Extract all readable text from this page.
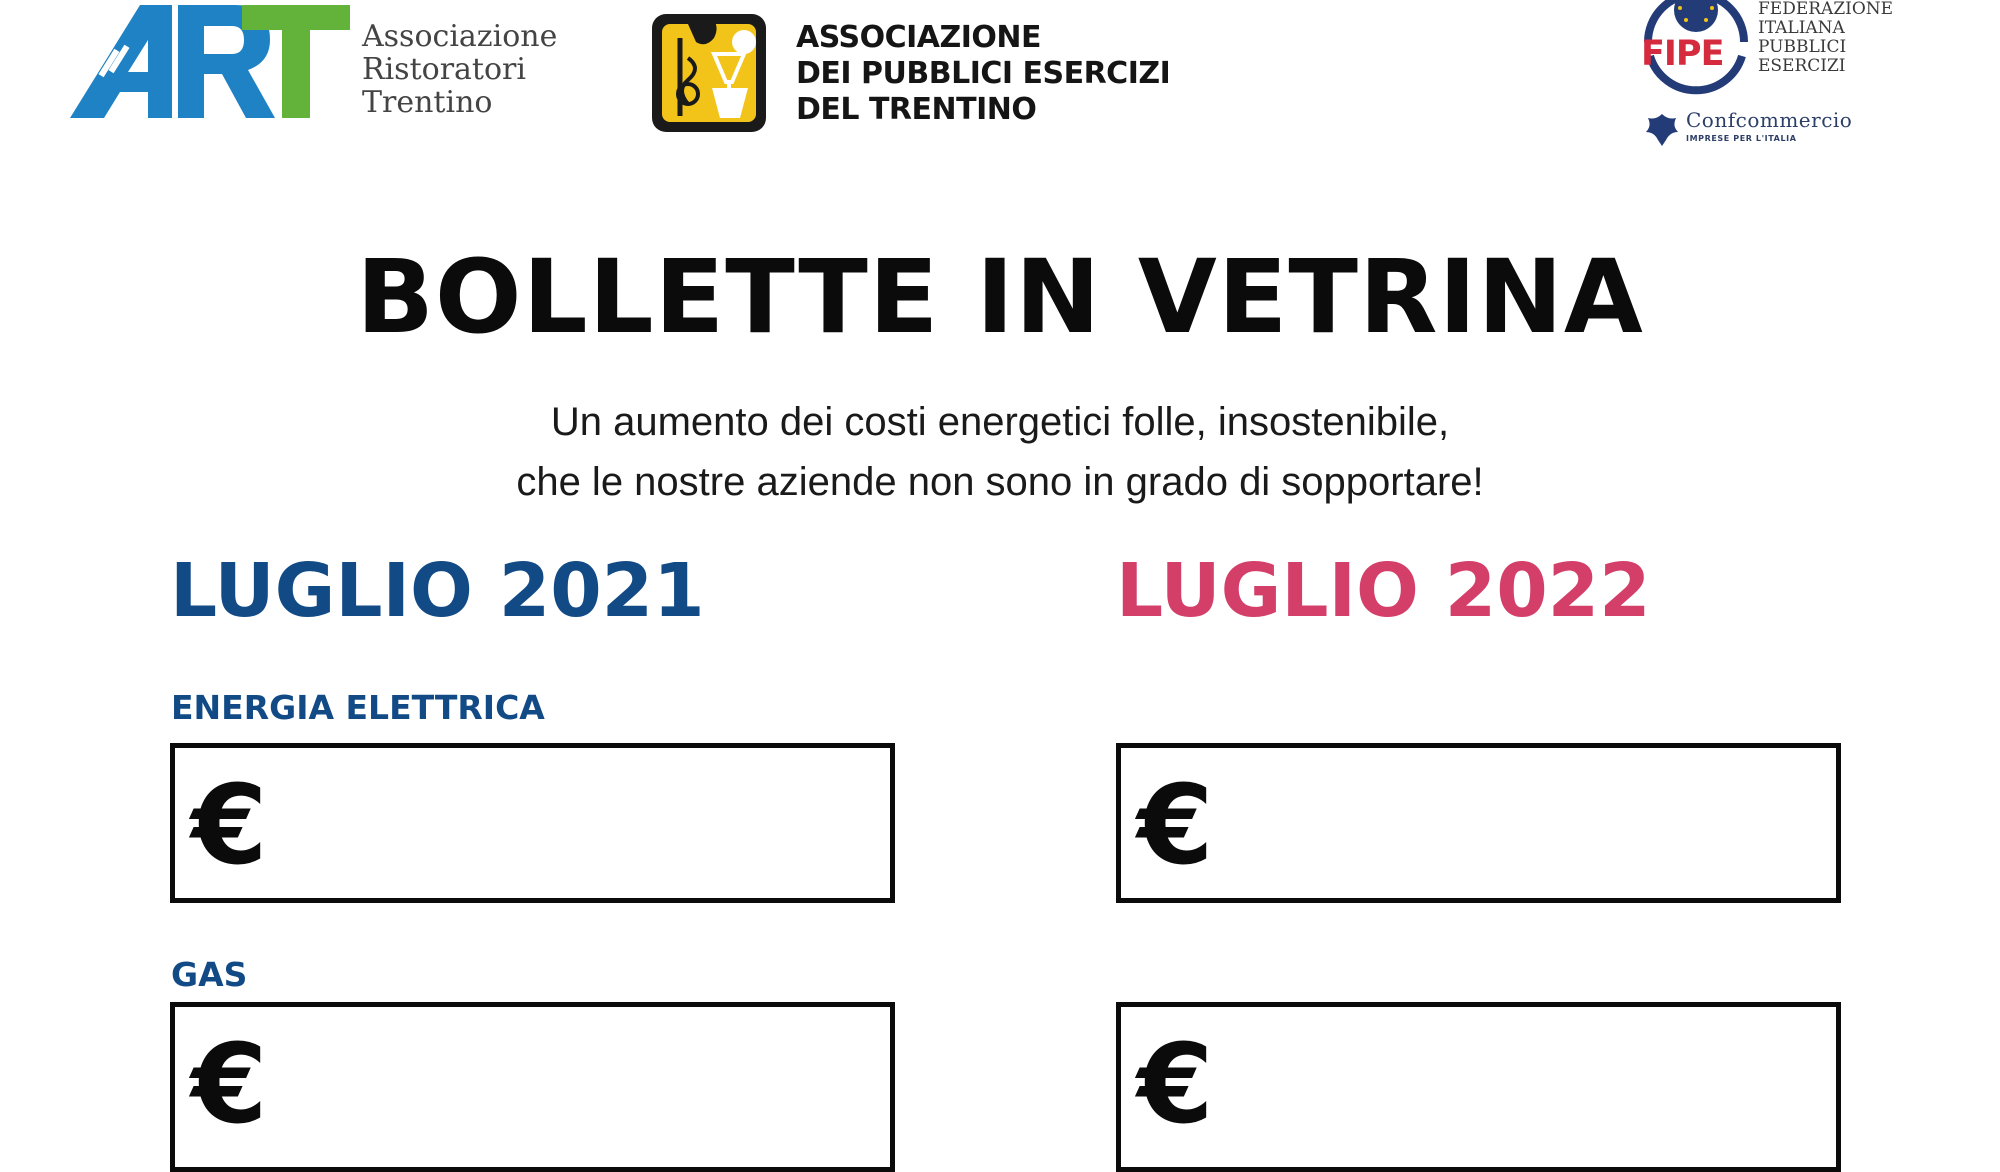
Associazione
Ristoratori
Trentino
ASSOCIAZIONE
DEI PUBBLICI ESERCIZI
DEL TRENTINO
FIPE
FEDERAZIONE
ITALIANA
PUBBLICI
ESERCIZI
Confcommercio
IMPRESE PER L'ITALIA
BOLLETTE IN VETRINA
Un aumento dei costi energetici folle, insostenibile,
che le nostre aziende non sono in grado di sopportare!
LUGLIO 2021	LUGLIO 2022
ENERGIA ELETTRICA
€	€
GAS
€	€
